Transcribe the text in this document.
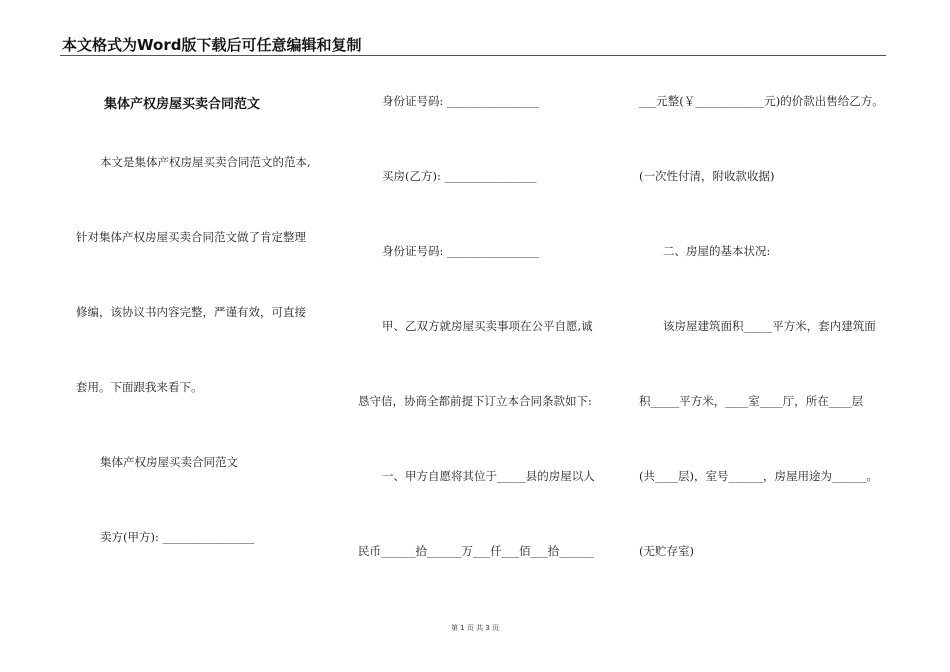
本文格式为Word版下载后可任意编辑和复制
集体产权房屋买卖合同范文
本文是集体产权房屋买卖合同范文的范本,
针对集体产权房屋买卖合同范文做了肯定整理
修编，该协议书内容完整，严谨有效，可直接
套用。下面跟我来看下。
集体产权房屋买卖合同范文
卖方(甲方): ________________
身份证号码: ________________
买房(乙方): ________________
身份证号码: ________________
甲、乙双方就房屋买卖事项在公平自愿,诚
恳守信，协商全都前提下订立本合同条款如下:
一、甲方自愿将其位于_____县的房屋以人
民币______拾______万___仟___佰___拾______
___元整(￥____________元)的价款出售给乙方。
(一次性付清，附收款收据)
二、房屋的基本状况:
该房屋建筑面积_____平方米，套内建筑面
积_____平方米，____室____厅，所在____层
(共____层)，室号______，房屋用途为______。
(无贮存室)
第 1 页 共 3 页
